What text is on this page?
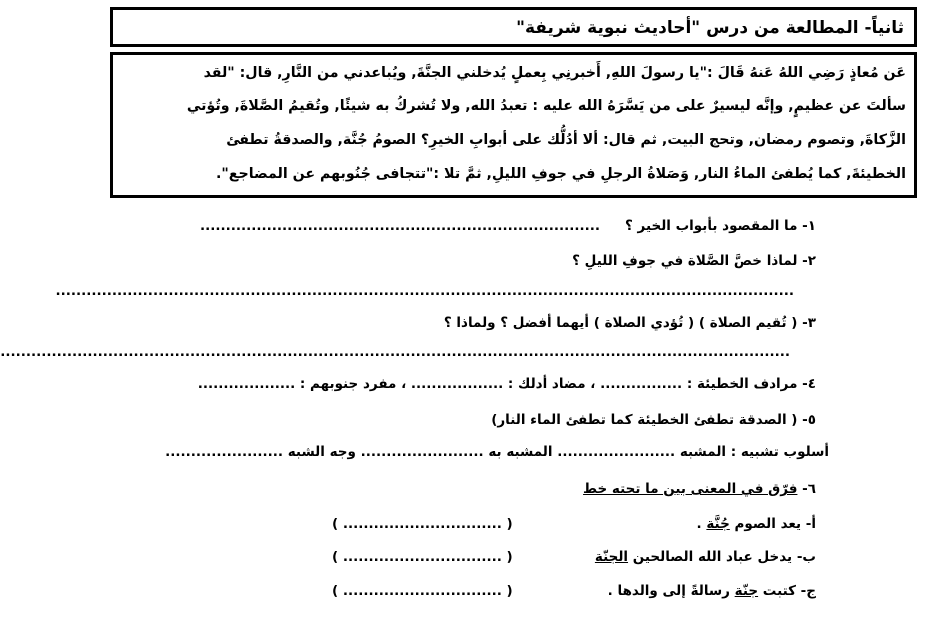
ثانياً- المطالعة من درس "أحاديث نبوية شريفة"
عَن مُعاذٍ رَضِي اللهُ عَنهُ قَالَ :"يا رسولَ اللهِ, أَخبرنِي بِعملٍ يُدخلني الجنَّةَ, ويُباعدني من النَّارِ, قال: "لقد
سألتَ عن عظيمٍ, وإنَّه ليسيرٌ على من يَسَّرَهُ الله عليه : تعبدُ الله, ولا تُشركُ به شيئًا, وتُقيمُ الصَّلاةَ, وتُؤتي
الزَّكاةَ, وتصوم رمضان, وتحج البيت, ثم قال: ألا أدُلُّك على أبوابِ الخيرِ؟ الصومُ جُنَّة, والصدقةُ تطفئ
الخطيئةَ, كما يُطفئ الماءُ النار, وَصَلاةُ الرجلِ في جوفِ الليلِ, ثمَّ تلا :"تتجافى جُنُوبهم عن المضاجع".
١- ما المقصود بأبواب الخير ؟
..............................................................................
٢- لماذا خصَّ الصَّلاة في جوفِ الليلِ ؟
................................................................................................................................................
٣- ( تُقيم الصلاة ) ( تُؤدي الصلاة ) أيهما أفضل ؟ ولماذا ؟
..........................................................................................................................................................
٤- مرادف الخطيئة : ................ ، مضاد أدلك : .................. ، مفرد جنوبهم : ...................
٥- ( الصدقة تطفئ الخطيئة كما تطفئ الماء النار)
أسلوب تشبيه : المشبه ....................... المشبه به ........................ وجه الشبه .......................
٦- فرّق في المعنى بين ما تحته خط
أ- يعد الصوم جُنَّة .
( ............................... )
ب- يدخل عباد الله الصالحين الجنّة
( ............................... )
ج- كتبت جنّة رسالةً إلى والدها .
( ............................... )
